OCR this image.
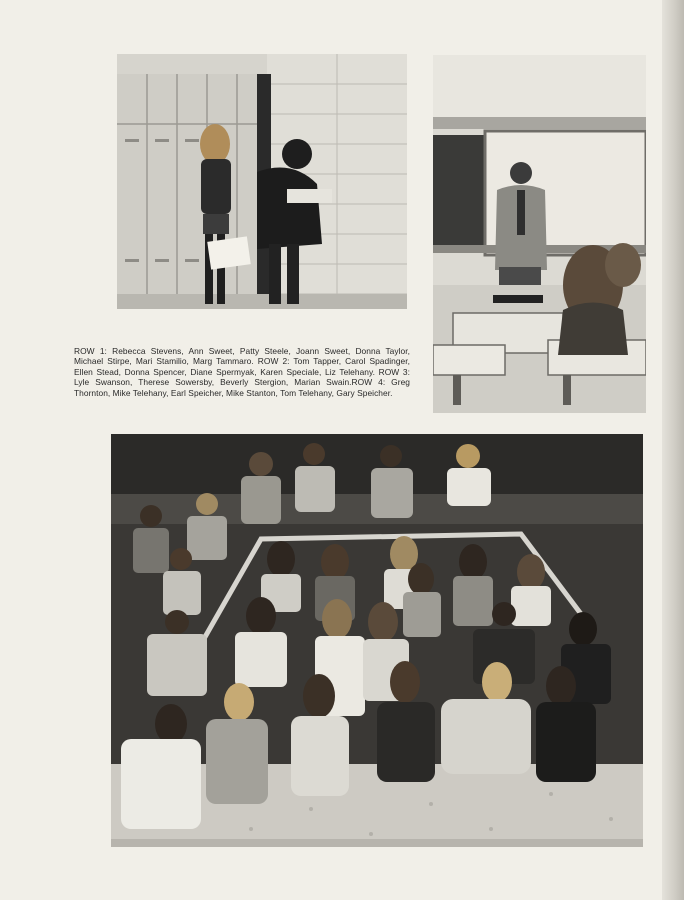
ROW 1: Rebecca Stevens, Ann Sweet, Patty Steele, Joann Sweet, Donna Taylor, Michael Stirpe, Mari Stamilio, Marg Tammaro. ROW 2: Tom Tapper, Carol Spadinger, Ellen Stead, Donna Spencer, Diane Spermyak, Karen Speciale, Liz Telehany. ROW 3: Lyle Swanson, Therese Sowersby, Beverly Stergion, Marian Swain.ROW 4: Greg Thornton, Mike Telehany, Earl Speicher, Mike Stanton, Tom Telehany, Gary Speicher.
